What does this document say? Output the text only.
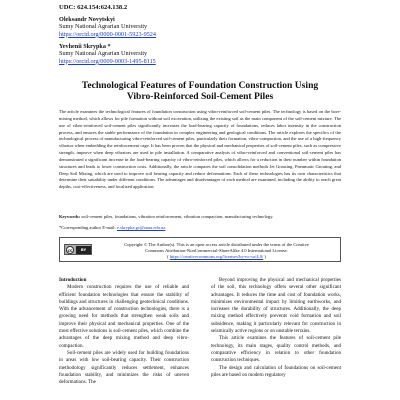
UDC: 624.154:624.138.2
Oleksandr Novytskyi
Sumy National Agrarian University
https://orcid.org/0000-0001-5923-9524
Yevhenii Skrypka *
Sumy National Agrarian University
https://orcid.org/0009-0003-1495-8115
Technological Features of Foundation Construction Using
Vibro-Reinforced Soil-Cement Piles

The article examines the technological features of foundation construction using vibro-reinforced soil-cement piles. The technology is based on the bore-mixing method, which allows for pile formation without soil excavation, utilizing the existing soil as the main component of the soil-cement mixture. The use of vibro-reinforced soil-cement piles significantly increases the load-bearing capacity of foundations, reduces labor intensity in the construction process, and ensures the stable performance of the foundation in complex engineering and geological conditions. The article explores the specifics of the technological process of manufacturing vibro-reinforced soil-cement piles, particularly their formation, vibro-compaction, and the use of a high-frequency vibrator when embedding the reinforcement cage. It has been proven that the physical and mechanical properties of soil-cement piles, such as compressive strength, improve when deep vibrators are used in pile installation. A comparative analysis of vibro-reinforced and conventional soil-cement piles has demonstrated a significant increase in the load-bearing capacity of vibro-reinforced piles, which allows for a reduction in their number within foundation structures and leads to lower construction costs. Additionally, the article compares the soil consolidation methods Jet Grouting, Pneumatic Grouting, and Deep Soil Mixing, which are used to improve soil bearing capacity and reduce deformations. Each of these technologies has its own characteristics that determine their suitability under different conditions. The advantages and disadvantages of each method are examined, including the ability to reach great depths, cost-effectiveness, and localized application.

Keywords: soil-cement piles, foundations, vibration reinforcement, vibration compaction, manufacturing technology.

*Corresponding author E-mail: e.skrypka.gs@snau.edu.ua

cc	BY
Copyright © The Author(s). This is an open access article distributed under the terms of the Creative
Commons Attribution-NonCommercial-ShareAlike 4.0 International License.
( https://creativecommons.org/licenses/by-nc-sa/4.0/ )

Introduction

Modern construction requires the use of reliable and efficient foundation technologies that ensure the stability of buildings and structures in challenging geotechnical conditions. With the advancement of construction technologies, there is a growing need for methods that strengthen weak soils and improve their physical and mechanical properties. One of the most effective solutions is soil-cement piles, which combine the advantages of the deep mixing method and deep vibro-compaction.

Soil-cement piles are widely used for building foundations in areas with low soil-bearing capacity. Their construction methodology significantly reduces settlement, enhances foundation stability, and minimizes the risks of uneven deformations. The

Beyond improving the physical and mechanical properties of the soil, this technology offers several other significant advantages. It reduces the time and cost of foundation works, minimizes environmental impact by limiting earthworks, and increases the durability of structures. Additionally, the deep mixing method effectively prevents void formation and soil subsidence, making it particularly relevant for construction in seismically active regions or on unstable terrains.

This article examines the features of soil-cement pile technology, its main stages, quality control methods, and comparative efficiency in relation to other foundation construction techniques.

The design and calculation of foundations on soil-cement piles are based on modern regulatory
